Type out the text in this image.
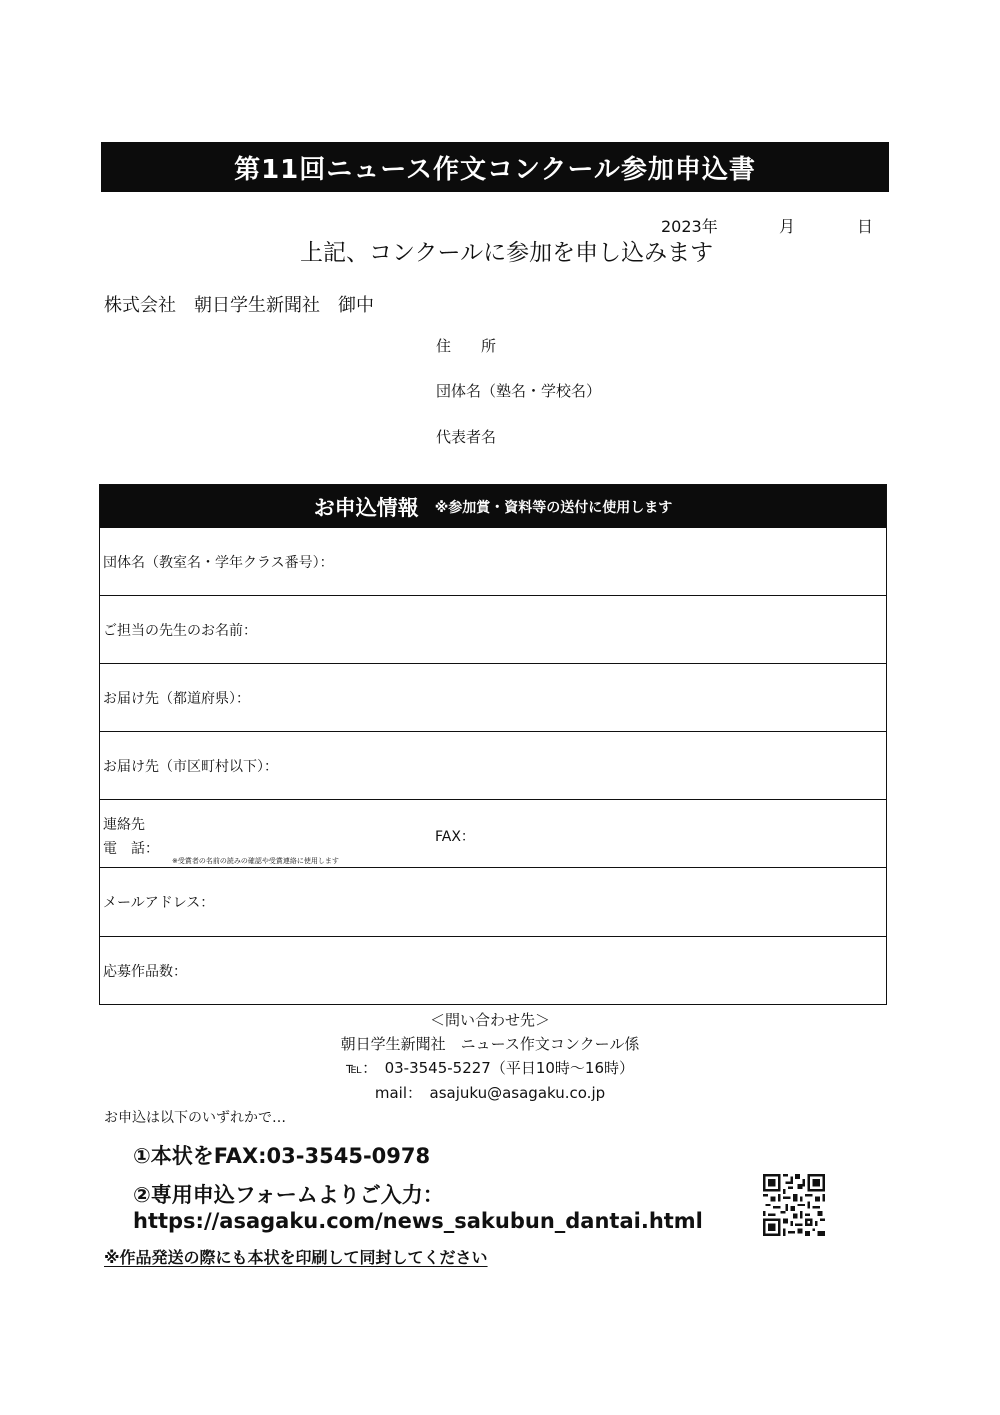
第11回ニュース作文コンクール参加申込書
2023年	月	日
上記、コンクールに参加を申し込みます
株式会社　朝日学生新聞社　御中
住　　所
団体名（塾名・学校名）
代表者名
お申込情報 ※参加賞・資料等の送付に使用します
団体名（教室名・学年クラス番号）：
ご担当の先生のお名前：
お届け先（都道府県）：
お届け先（市区町村以下）：
連絡先
電　話：
※受賞者の名前の読みの確認や受賞連絡に使用します
FAX：
メールアドレス：
応募作品数：
＜問い合わせ先＞
朝日学生新聞社　ニュース作文コンクール係
℡：　03-3545-5227（平日10時〜16時）
mail：　asajuku@asagaku.co.jp
お申込は以下のいずれかで…
①本状をFAX:03-3545-0978
②専用申込フォームよりご入力：
https://asagaku.com/news_sakubun_dantai.html
※作品発送の際にも本状を印刷して同封してください
